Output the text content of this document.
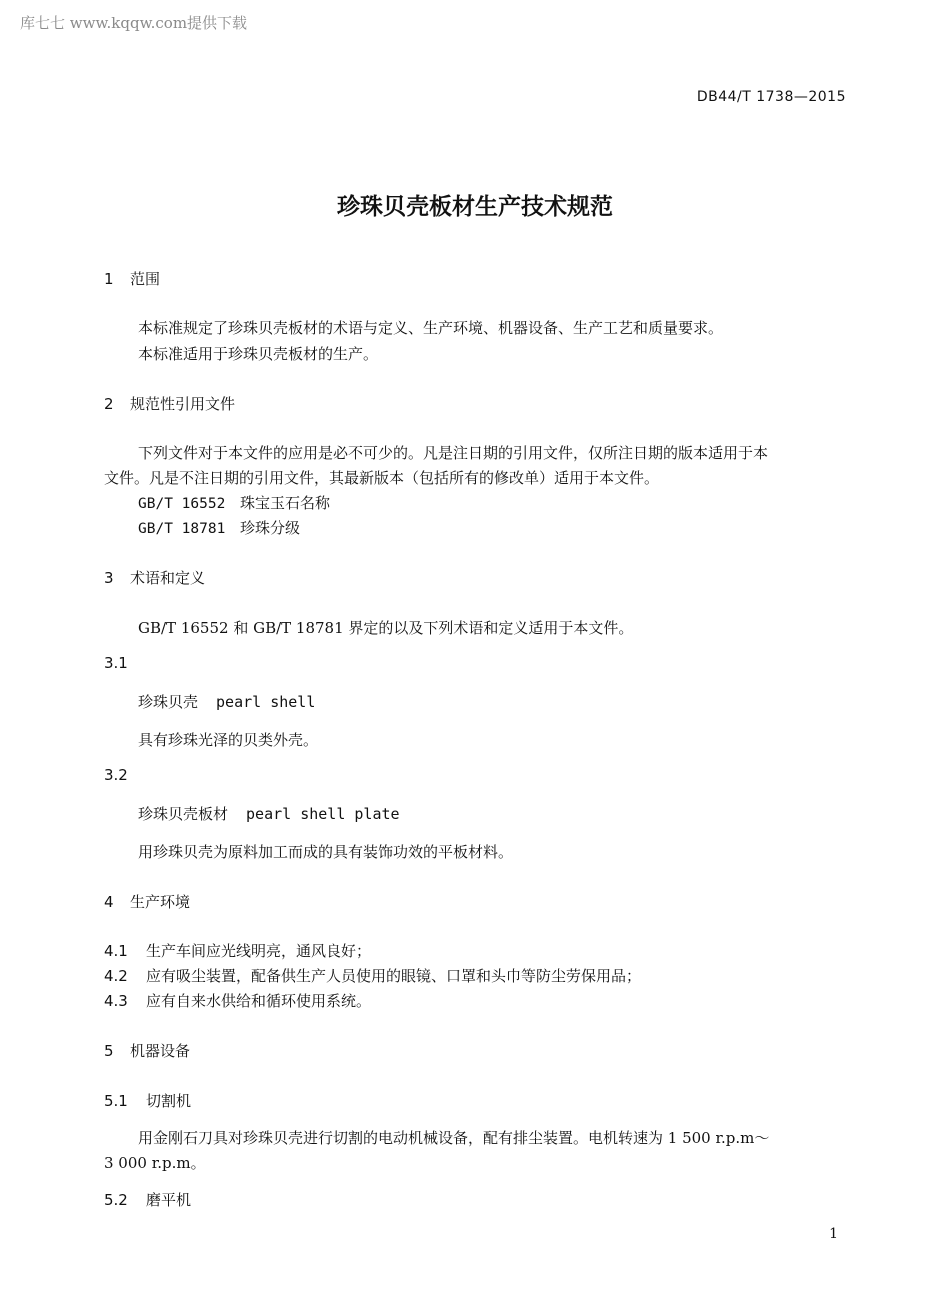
库七七 www.kqqw.com提供下载
DB44/T 1738—2015
珍珠贝壳板材生产技术规范
1 范围
本标准规定了珍珠贝壳板材的术语与定义、生产环境、机器设备、生产工艺和质量要求。
本标准适用于珍珠贝壳板材的生产。
2 规范性引用文件
下列文件对于本文件的应用是必不可少的。凡是注日期的引用文件，仅所注日期的版本适用于本
文件。凡是不注日期的引用文件，其最新版本（包括所有的修改单）适用于本文件。
GB/T 16552 珠宝玉石名称
GB/T 18781 珍珠分级
3 术语和定义
GB/T 16552 和 GB/T 18781 界定的以及下列术语和定义适用于本文件。
3.1
珍珠贝壳 pearl shell
具有珍珠光泽的贝类外壳。
3.2
珍珠贝壳板材 pearl shell plate
用珍珠贝壳为原料加工而成的具有装饰功效的平板材料。
4 生产环境
4.1 生产车间应光线明亮，通风良好；
4.2 应有吸尘装置，配备供生产人员使用的眼镜、口罩和头巾等防尘劳保用品；
4.3 应有自来水供给和循环使用系统。
5 机器设备
5.1 切割机
用金刚石刀具对珍珠贝壳进行切割的电动机械设备，配有排尘装置。电机转速为 1 500 r.p.m～
3 000 r.p.m。
5.2 磨平机
1
